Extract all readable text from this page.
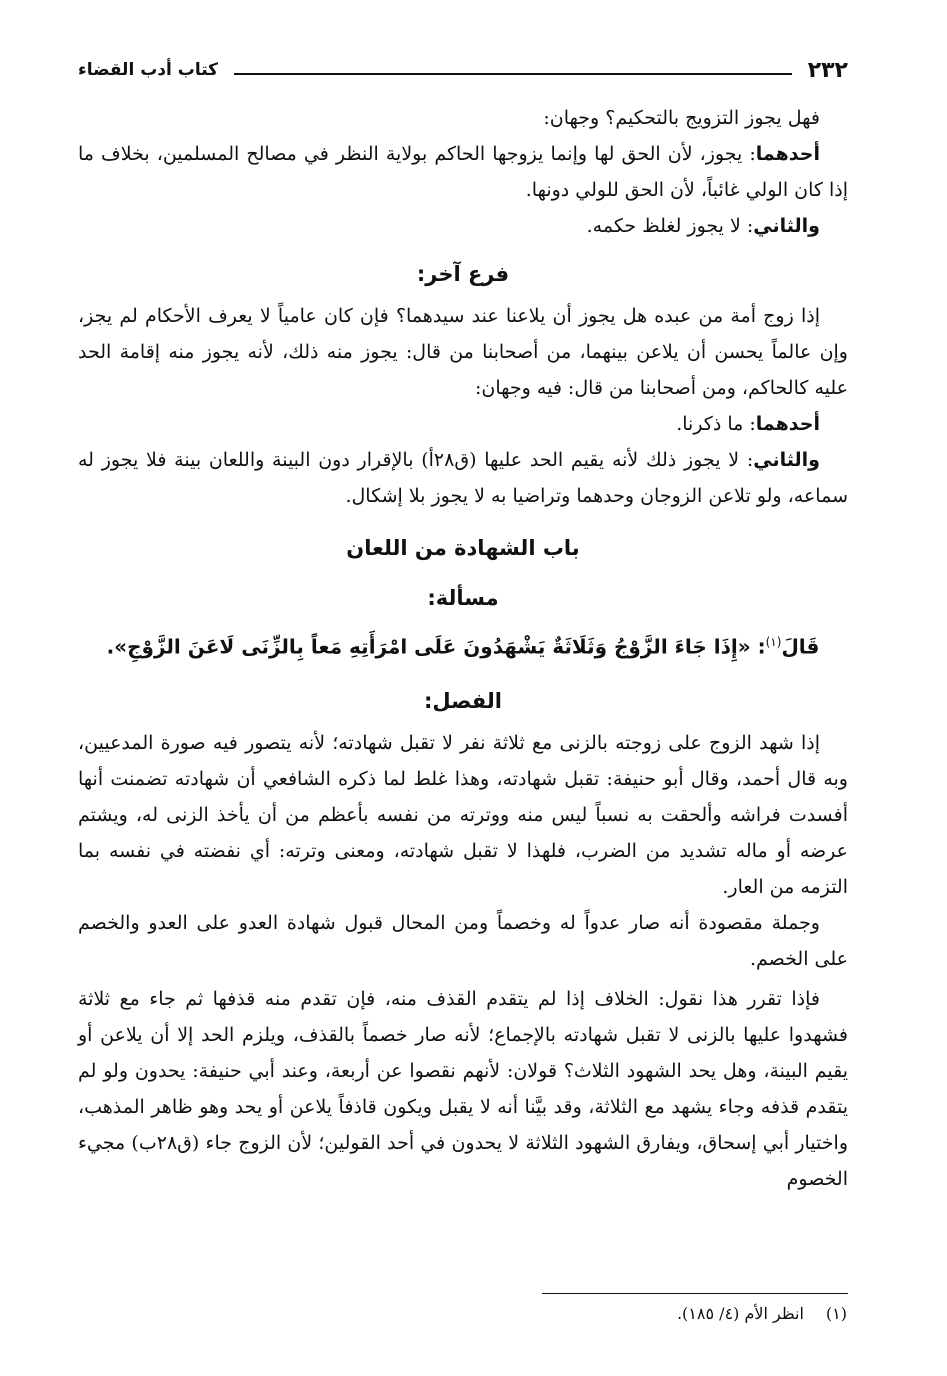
٢٣٢
كتاب أدب القضاء

فهل يجوز التزويج بالتحكيم؟ وجهان:

أحدهما: يجوز، لأن الحق لها وإنما يزوجها الحاكم بولاية النظر في مصالح المسلمين، بخلاف ما إذا كان الولي غائباً، لأن الحق للولي دونها.

والثاني: لا يجوز لغلظ حكمه.

فرع آخر:

إذا زوج أمة من عبده هل يجوز أن يلاعنا عند سيدهما؟ فإن كان عامياً لا يعرف الأحكام لم يجز، وإن عالماً يحسن أن يلاعن بينهما، من أصحابنا من قال: يجوز منه ذلك، لأنه يجوز منه إقامة الحد عليه كالحاكم، ومن أصحابنا من قال: فيه وجهان:

أحدهما: ما ذكرنا.

والثاني: لا يجوز ذلك لأنه يقيم الحد عليها (ق٢٨أ) بالإقرار دون البينة واللعان بينة فلا يجوز له سماعه، ولو تلاعن الزوجان وحدهما وتراضيا به لا يجوز بلا إشكال.

باب الشهادة من اللعان
مسألة:

قَالَ$^{(١)}$: «إِذَا جَاءَ الزَّوْجُ وَثَلَاثَةٌ يَشْهَدُونَ عَلَى امْرَأَتِهِ مَعاً بِالزِّنَى لَاعَنَ الزَّوْجِ».

الفصل:

إذا شهد الزوج على زوجته بالزنى مع ثلاثة نفر لا تقبل شهادته؛ لأنه يتصور فيه صورة المدعيين، وبه قال أحمد، وقال أبو حنيفة: تقبل شهادته، وهذا غلط لما ذكره الشافعي أن شهادته تضمنت أنها أفسدت فراشه وألحقت به نسباً ليس منه ووترته من نفسه بأعظم من أن يأخذ الزنى له، ويشتم عرضه أو ماله تشديد من الضرب، فلهذا لا تقبل شهادته، ومعنى وترته: أي نفضته في نفسه بما التزمه من العار.

وجملة مقصودة أنه صار عدواً له وخصماً ومن المحال قبول شهادة العدو على العدو والخصم على الخصم.

فإذا تقرر هذا نقول: الخلاف إذا لم يتقدم القذف منه، فإن تقدم منه قذفها ثم جاء مع ثلاثة فشهدوا عليها بالزنى لا تقبل شهادته بالإجماع؛ لأنه صار خصماً بالقذف، ويلزم الحد إلا أن يلاعن أو يقيم البينة، وهل يحد الشهود الثلاث؟ قولان: لأنهم نقصوا عن أربعة، وعند أبي حنيفة: يحدون ولو لم يتقدم قذفه وجاء يشهد مع الثلاثة، وقد بيَّنا أنه لا يقبل ويكون قاذفاً يلاعن أو يحد وهو ظاهر المذهب، واختيار أبي إسحاق، ويفارق الشهود الثلاثة لا يحدون في أحد القولين؛ لأن الزوج جاء (ق٢٨ب) مجيء الخصوم

(١)انظر الأم (٤/ ١٨٥).
